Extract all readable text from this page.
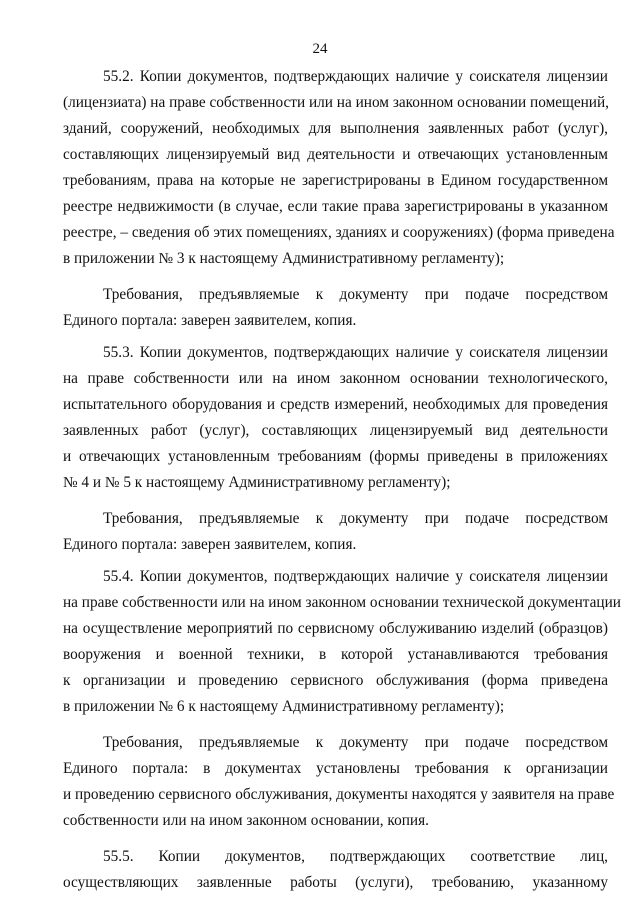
24
55.2. Копии документов, подтверждающих наличие у соискателя лицензии
(лицензиата) на праве собственности или на ином законном основании помещений,
зданий, сооружений, необходимых для выполнения заявленных работ (услуг),
составляющих лицензируемый вид деятельности и отвечающих установленным
требованиям, права на которые не зарегистрированы в Едином государственном
реестре недвижимости (в случае, если такие права зарегистрированы в указанном
реестре, – сведения об этих помещениях, зданиях и сооружениях) (форма приведена
в приложении № 3 к настоящему Административному регламенту);
Требования, предъявляемые к документу при подаче посредством
Единого портала: заверен заявителем, копия.
55.3. Копии документов, подтверждающих наличие у соискателя лицензии
на праве собственности или на ином законном основании технологического,
испытательного оборудования и средств измерений, необходимых для проведения
заявленных работ (услуг), составляющих лицензируемый вид деятельности
и отвечающих установленным требованиям (формы приведены в приложениях
№ 4 и № 5 к настоящему Административному регламенту);
Требования, предъявляемые к документу при подаче посредством
Единого портала: заверен заявителем, копия.
55.4. Копии документов, подтверждающих наличие у соискателя лицензии
на праве собственности или на ином законном основании технической документации
на осуществление мероприятий по сервисному обслуживанию изделий (образцов)
вооружения и военной техники, в которой устанавливаются требования
к организации и проведению сервисного обслуживания (форма приведена
в приложении № 6 к настоящему Административному регламенту);
Требования, предъявляемые к документу при подаче посредством
Единого портала: в документах установлены требования к организации
и проведению сервисного обслуживания, документы находятся у заявителя на праве
собственности или на ином законном основании, копия.
55.5. Копии документов, подтверждающих соответствие лиц,
осуществляющих заявленные работы (услуги), требованию, указанному
